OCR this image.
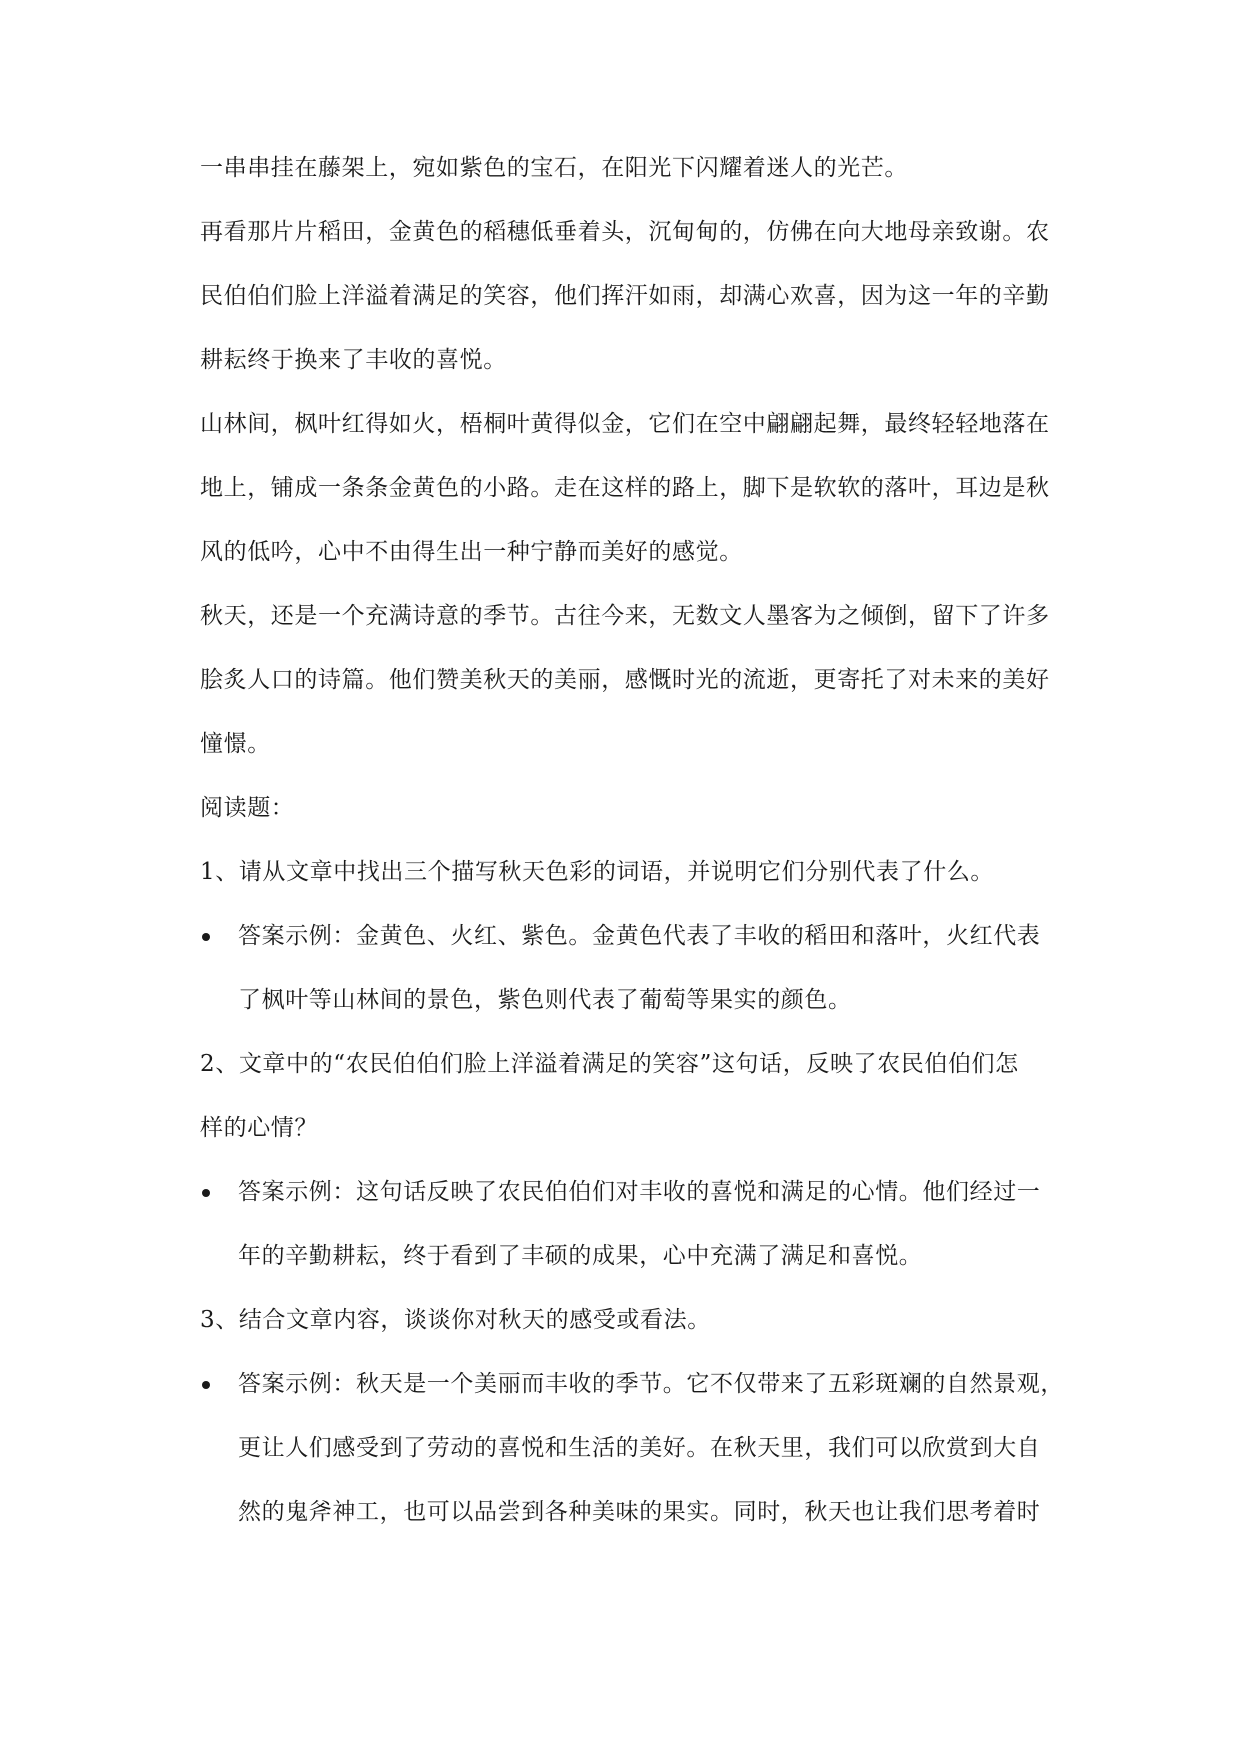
一串串挂在藤架上，宛如紫色的宝石，在阳光下闪耀着迷人的光芒。
再看那片片稻田，金黄色的稻穗低垂着头，沉甸甸的，仿佛在向大地母亲致谢。农
民伯伯们脸上洋溢着满足的笑容，他们挥汗如雨，却满心欢喜，因为这一年的辛勤
耕耘终于换来了丰收的喜悦。
山林间，枫叶红得如火，梧桐叶黄得似金，它们在空中翩翩起舞，最终轻轻地落在
地上，铺成一条条金黄色的小路。走在这样的路上，脚下是软软的落叶，耳边是秋
风的低吟，心中不由得生出一种宁静而美好的感觉。
秋天，还是一个充满诗意的季节。古往今来，无数文人墨客为之倾倒，留下了许多
脍炙人口的诗篇。他们赞美秋天的美丽，感慨时光的流逝，更寄托了对未来的美好
憧憬。
阅读题：
1、请从文章中找出三个描写秋天色彩的词语，并说明它们分别代表了什么。
答案示例：金黄色、火红、紫色。金黄色代表了丰收的稻田和落叶，火红代表
了枫叶等山林间的景色，紫色则代表了葡萄等果实的颜色。
2、文章中的“农民伯伯们脸上洋溢着满足的笑容”这句话，反映了农民伯伯们怎
样的心情？
答案示例：这句话反映了农民伯伯们对丰收的喜悦和满足的心情。他们经过一
年的辛勤耕耘，终于看到了丰硕的成果，心中充满了满足和喜悦。
3、结合文章内容，谈谈你对秋天的感受或看法。
答案示例：秋天是一个美丽而丰收的季节。它不仅带来了五彩斑斓的自然景观，
更让人们感受到了劳动的喜悦和生活的美好。在秋天里，我们可以欣赏到大自
然的鬼斧神工，也可以品尝到各种美味的果实。同时，秋天也让我们思考着时
